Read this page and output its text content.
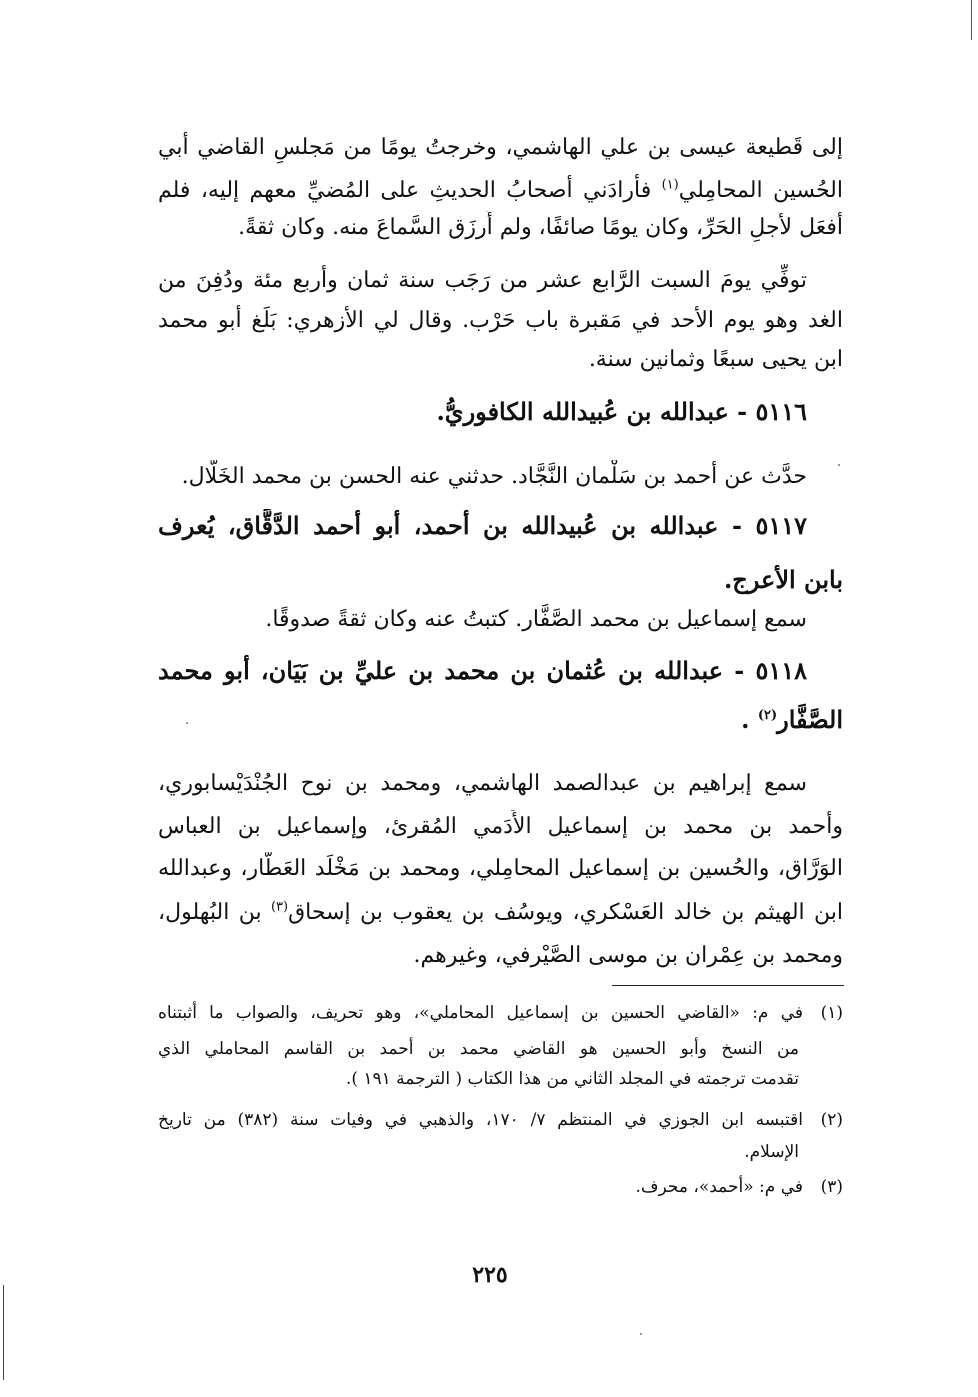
إلى قَطيعة عيسى بن علي الهاشمي، وخرجتُ يومًا من مَجلسِ القاضي أبي
الحُسين المحامِلي$^{(١)}$ فأرادَني أصحابُ الحديثِ على المُضيِّ معهم إليه، فلم
أفعَل لأجلِ الحَرِّ، وكان يومًا صائفًا، ولم أُرزَق السَّماعَ منه. وكان ثقةً.
توفِّي يومَ السبت الرَّابع عشر من رَجَب سنة ثمان وأربع مئة ودُفِنَ من
الغد وهو يوم الأحد في مَقبرة باب حَرْب. وقال لي الأزهري: بَلَغ أبو محمد
ابن يحيى سبعًا وثمانين سنة.
٥١١٦ - عبدالله بن عُبيدالله الكافوريُّ.
حدَّث عن أحمد بن سَلْمان النَّجَّاد. حدثني عنه الحسن بن محمد الخَلَّال.
٥١١٧ - عبدالله بن عُبيدالله بن أحمد، أبو أحمد الدَّقَّاق، يُعرف
بابن الأعرج.
سمع إسماعيل بن محمد الصَّفَّار. كتبتُ عنه وكان ثقةً صدوقًا.
٥١١٨ - عبدالله بن عُثمان بن محمد بن عليِّ بن بَيَان، أبو محمد
الصَّفَّار$^{(٢)}$ .
سمع إبراهيم بن عبدالصمد الهاشمي، ومحمد بن نوح الجُنْدَيْسابوري،
وأحمد بن محمد بن إسماعيل الأَدَمي المُقرئ، وإسماعيل بن العباس
الوَرَّاق، والحُسين بن إسماعيل المحامِلي، ومحمد بن مَخْلَد العَطَّار، وعبدالله
ابن الهيثم بن خالد العَسْكري، ويوسُف بن يعقوب بن إسحاق$^{(٣)}$ بن البُهلول،
ومحمد بن عِمْران بن موسى الصَّيْرفي، وغيرهم.
(١)في م: «القاضي الحسين بن إسماعيل المحاملي»، وهو تحريف، والصواب ما أثبتناه
من النسخ وأبو الحسين هو القاضي محمد بن أحمد بن القاسم المحاملي الذي
تقدمت ترجمته في المجلد الثاني من هذا الكتاب ( الترجمة ١٩١ ).
(٢)اقتبسه ابن الجوزي في المنتظم ٧/ ١٧٠، والذهبي في وفيات سنة (٣٨٢) من تاريخ
الإسلام.
(٣)في م: «أحمد»، محرف.
٢٢٥
